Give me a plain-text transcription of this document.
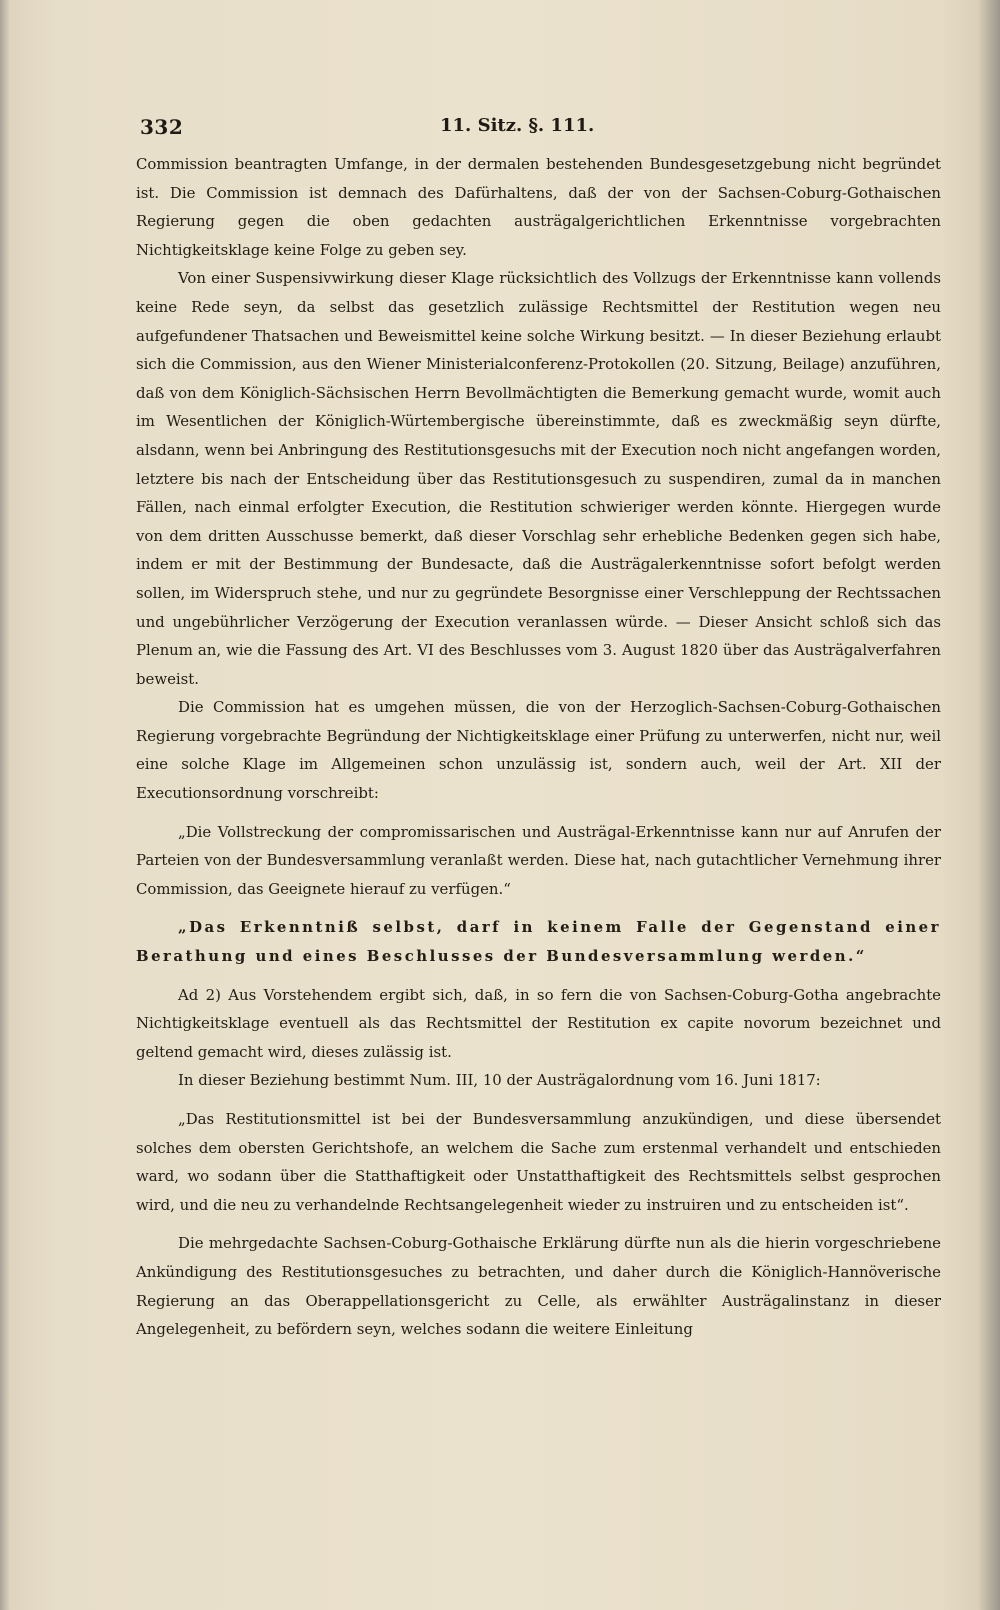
332	11. Sitz. §. 111.

Commission beantragten Umfange, in der dermalen bestehenden Bundesgesetzgebung nicht begründet ist. Die Commission ist demnach des Dafürhaltens, daß der von der Sachsen-Coburg-Gothaischen Regierung gegen die oben gedachten austrägalgerichtlichen Erkenntnisse vorgebrachten Nichtigkeitsklage keine Folge zu geben sey.

Von einer Suspensivwirkung dieser Klage rücksichtlich des Vollzugs der Erkenntnisse kann vollends keine Rede seyn, da selbst das gesetzlich zulässige Rechtsmittel der Restitution wegen neu aufgefundener Thatsachen und Beweismittel keine solche Wirkung besitzt. — In dieser Beziehung erlaubt sich die Commission, aus den Wiener Ministerialconferenz-Protokollen (20. Sitzung, Beilage) anzuführen, daß von dem Königlich-Sächsischen Herrn Bevollmächtigten die Bemerkung gemacht wurde, womit auch im Wesentlichen der Königlich-Würtembergische übereinstimmte, daß es zweckmäßig seyn dürfte, alsdann, wenn bei Anbringung des Restitutionsgesuchs mit der Execution noch nicht angefangen worden, letztere bis nach der Entscheidung über das Restitutionsgesuch zu suspendiren, zumal da in manchen Fällen, nach einmal erfolgter Execution, die Restitution schwieriger werden könnte. Hiergegen wurde von dem dritten Ausschusse bemerkt, daß dieser Vorschlag sehr erhebliche Bedenken gegen sich habe, indem er mit der Bestimmung der Bundesacte, daß die Austrägalerkenntnisse sofort befolgt werden sollen, im Widerspruch stehe, und nur zu gegründete Besorgnisse einer Verschleppung der Rechtssachen und ungebührlicher Verzögerung der Execution veranlassen würde. — Dieser Ansicht schloß sich das Plenum an, wie die Fassung des Art. VI des Beschlusses vom 3. August 1820 über das Austrägalverfahren beweist.

Die Commission hat es umgehen müssen, die von der Herzoglich-Sachsen-Coburg-Gothaischen Regierung vorgebrachte Begründung der Nichtigkeitsklage einer Prüfung zu unterwerfen, nicht nur, weil eine solche Klage im Allgemeinen schon unzulässig ist, sondern auch, weil der Art. XII der Executionsordnung vorschreibt:

„Die Vollstreckung der compromissarischen und Austrägal-Erkenntnisse kann nur auf Anrufen der Parteien von der Bundesversammlung veranlaßt werden. Diese hat, nach gutachtlicher Vernehmung ihrer Commission, das Geeignete hierauf zu verfügen.“

„Das Erkenntniß selbst, darf in keinem Falle der Gegenstand einer Berathung und eines Beschlusses der Bundesversammlung werden.“

Ad 2) Aus Vorstehendem ergibt sich, daß, in so fern die von Sachsen-Coburg-Gotha angebrachte Nichtigkeitsklage eventuell als das Rechtsmittel der Restitution ex capite novorum bezeichnet und geltend gemacht wird, dieses zulässig ist.

In dieser Beziehung bestimmt Num. III, 10 der Austrägalordnung vom 16. Juni 1817:

„Das Restitutionsmittel ist bei der Bundesversammlung anzukündigen, und diese übersendet solches dem obersten Gerichtshofe, an welchem die Sache zum erstenmal verhandelt und entschieden ward, wo sodann über die Statthaftigkeit oder Unstatthaftigkeit des Rechtsmittels selbst gesprochen wird, und die neu zu verhandelnde Rechtsangelegenheit wieder zu instruiren und zu entscheiden ist“.

Die mehrgedachte Sachsen-Coburg-Gothaische Erklärung dürfte nun als die hierin vorgeschriebene Ankündigung des Restitutionsgesuches zu betrachten, und daher durch die Königlich-Hannöverische Regierung an das Oberappellationsgericht zu Celle, als erwählter Austrägalinstanz in dieser Angelegenheit, zu befördern seyn, welches sodann die weitere Einleitung
